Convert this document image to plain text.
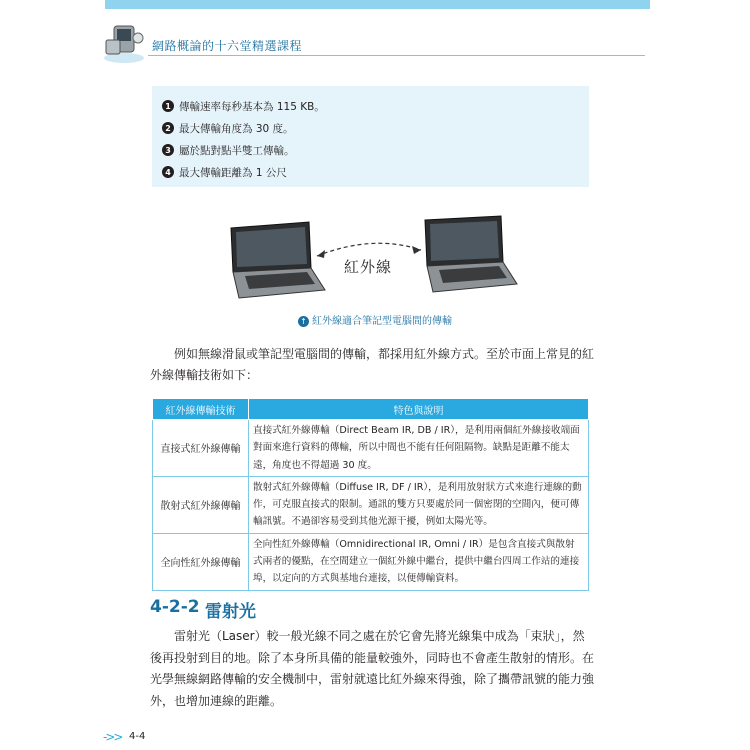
網路概論的十六堂精選課程
1 傳輸速率每秒基本為 115 KB。
2 最大傳輸角度為 30 度。
3 屬於點對點半雙工傳輸。
4 最大傳輸距離為 1 公尺
紅外線
↑ 紅外線適合筆記型電腦間的傳輸
例如無線滑鼠或筆記型電腦間的傳輸，都採用紅外線方式。至於市面上常見的紅外線傳輸技術如下：
紅外線傳輸技術	特色與說明
直接式紅外線傳輸	直接式紅外線傳輸（Direct Beam IR, DB / IR），是利用兩個紅外線接收端面對面來進行資料的傳輸，所以中間也不能有任何阻隔物。缺點是距離不能太遠，角度也不得超過 30 度。
散射式紅外線傳輸	散射式紅外線傳輸（Diffuse IR, DF / IR），是利用放射狀方式來進行連線的動作，可克服直接式的限制。通訊的雙方只要處於同一個密閉的空間內，便可傳輸訊號。不過卻容易受到其他光源干擾，例如太陽光等。
全向性紅外線傳輸	全向性紅外線傳輸（Omnidirectional IR, Omni / IR）是包含直接式與散射式兩者的優點，在空間建立一個紅外線中繼台，提供中繼台四周工作站的連接埠，以定向的方式與基地台連接，以便傳輸資料。
4-2-2 雷射光
雷射光（Laser）較一般光線不同之處在於它會先將光線集中成為「束狀」，然後再投射到目的地。除了本身所具備的能量較強外，同時也不會產生散射的情形。在光學無線網路傳輸的安全機制中，雷射就遠比紅外線來得強，除了攜帶訊號的能力強外，也增加連線的距離。
->> 4-4
